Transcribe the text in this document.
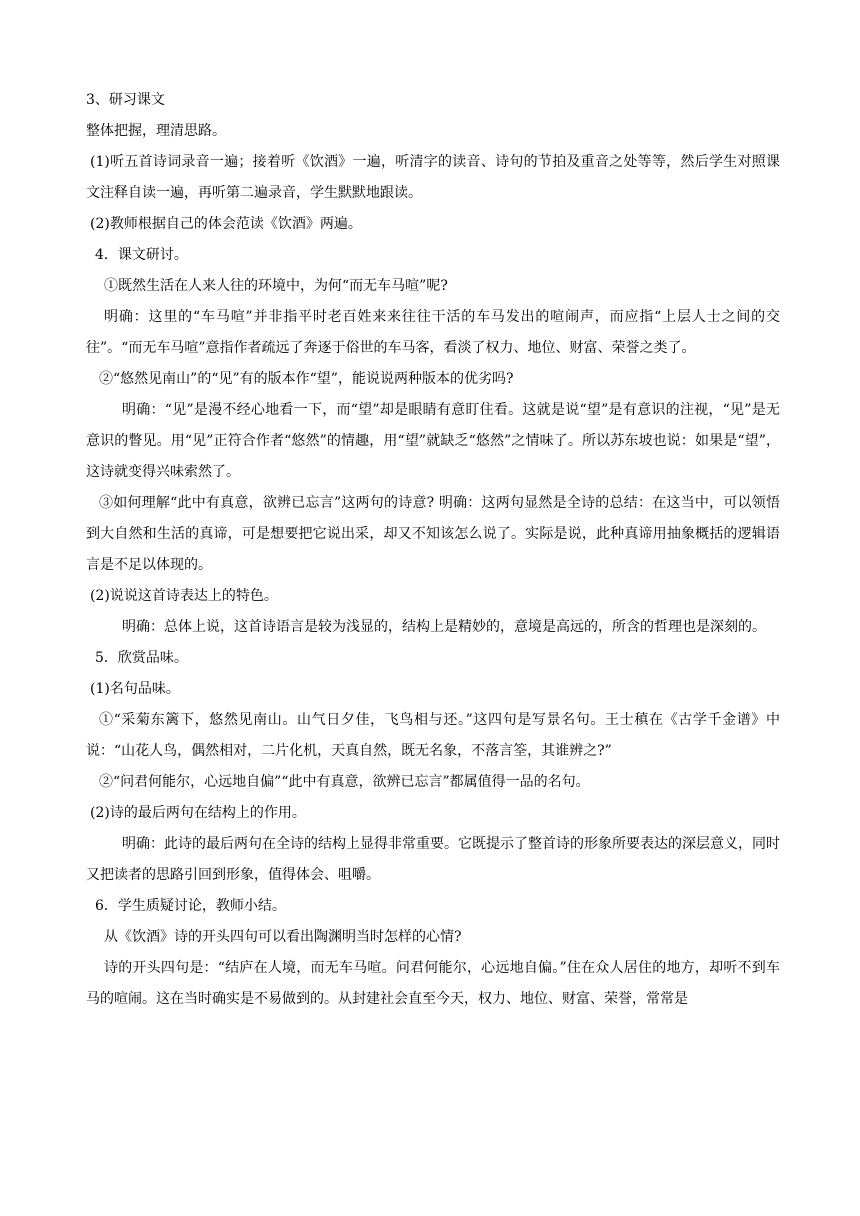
3、研习课文

整体把握，理清思路。

(1)听五首诗词录音一遍；接着听《饮酒》一遍，听清字的读音、诗句的节拍及重音之处等等，然后学生对照课文注释自读一遍，再听第二遍录音，学生默默地跟读。

(2)教师根据自己的体会范读《饮酒》两遍。

4．课文研讨。

①既然生活在人来人往的环境中，为何“而无车马喧”呢?

明确：这里的“车马喧”并非指平时老百姓来来往往干活的车马发出的喧闹声，而应指“上层人士之间的交往”。“而无车马喧”意指作者疏远了奔逐于俗世的车马客，看淡了权力、地位、财富、荣誉之类了。

②“悠然见南山”的“见”有的版本作“望”，能说说两种版本的优劣吗?

明确：“见”是漫不经心地看一下，而“望”却是眼睛有意盯住看。这就是说“望”是有意识的注视，“见”是无意识的瞥见。用“见”正符合作者“悠然”的情趣，用“望”就缺乏“悠然”之情味了。所以苏东坡也说：如果是“望”，这诗就变得兴味索然了。

③如何理解“此中有真意，欲辨已忘言”这两句的诗意? 明确：这两句显然是全诗的总结：在这当中，可以领悟到大自然和生活的真谛，可是想要把它说出采，却又不知该怎么说了。实际是说，此种真谛用抽象概括的逻辑语言是不足以体现的。

(2)说说这首诗表达上的特色。

明确：总体上说，这首诗语言是较为浅显的，结构上是精妙的，意境是高远的，所含的哲理也是深刻的。

5．欣赏品味。

(1)名句品味。

①“采菊东篱下，悠然见南山。山气日夕佳，飞鸟相与还。”这四句是写景名句。王士稹在《古学千金谱》中说：“山花人鸟，偶然相对，二片化机，天真自然，既无名象，不落言筌，其谁辨之?”

②“问君何能尔，心远地自偏”“此中有真意，欲辨已忘言”都属值得一品的名句。

(2)诗的最后两句在结构上的作用。

明确：此诗的最后两句在全诗的结构上显得非常重要。它既提示了整首诗的形象所要表达的深层意义，同时又把读者的思路引回到形象，值得体会、咀嚼。

6．学生质疑讨论，教师小结。

从《饮酒》诗的开头四句可以看出陶渊明当时怎样的心情?

诗的开头四句是：“结庐在人境，而无车马喧。问君何能尔，心远地自偏。”住在众人居住的地方，却听不到车马的喧闹。这在当时确实是不易做到的。从封建社会直至今天，权力、地位、财富、荣誉，常常是
